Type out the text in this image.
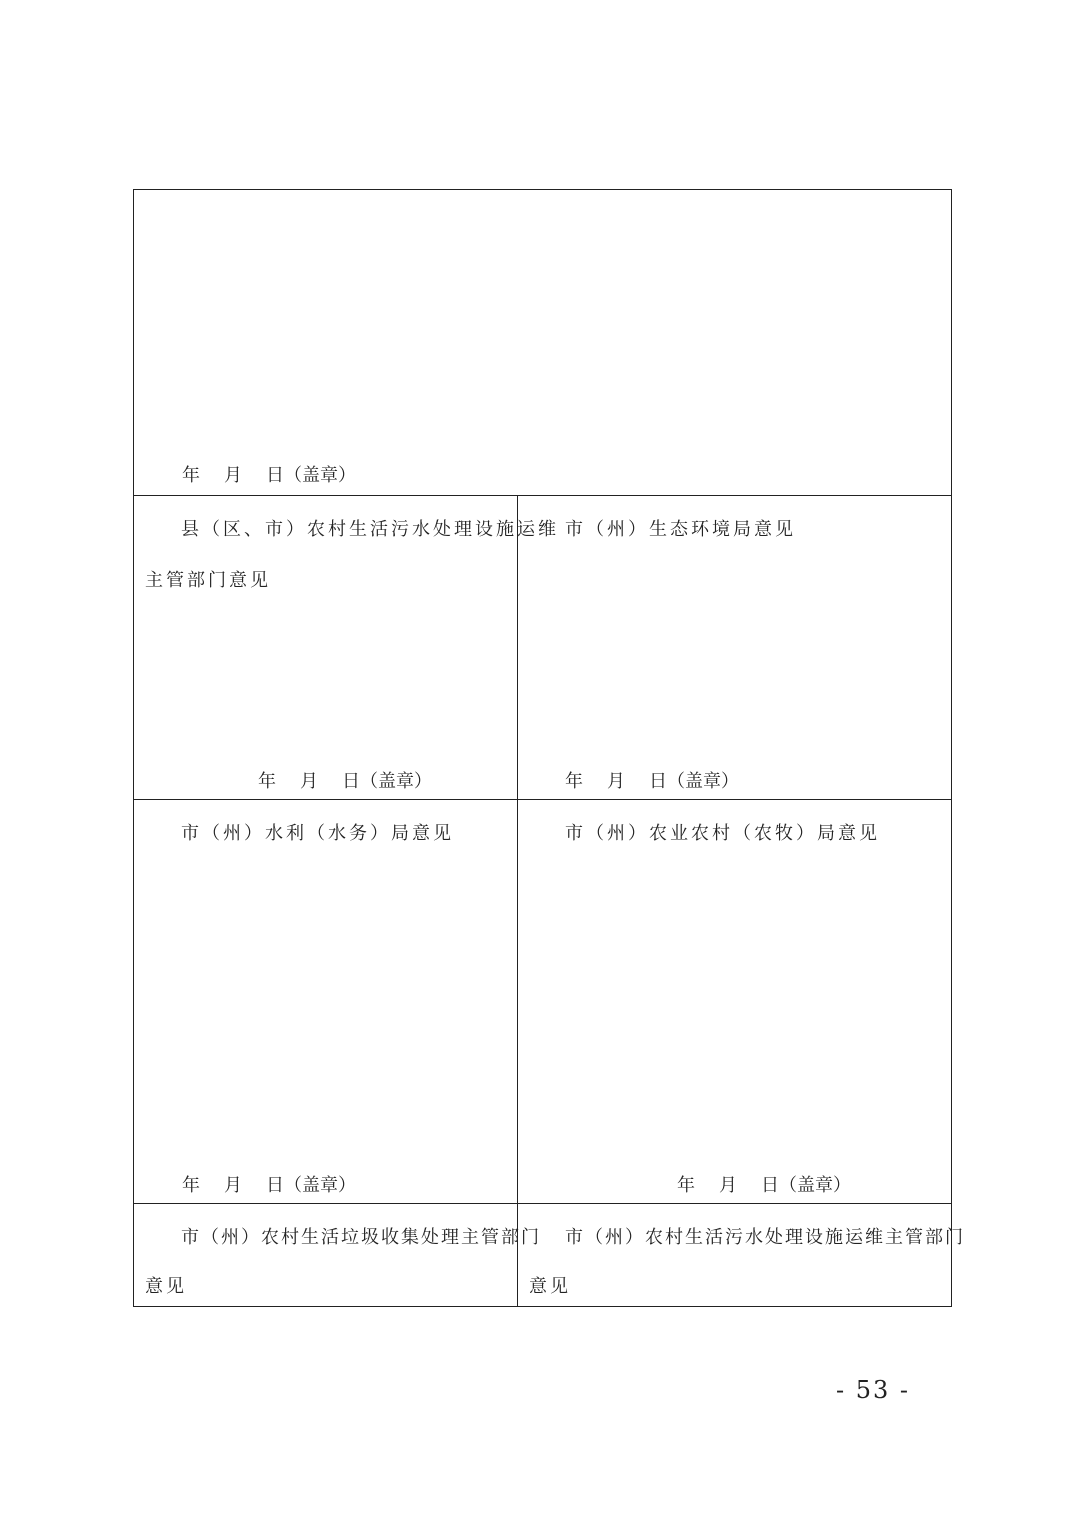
年 月 日（盖章）
县（区、市）农村生活污水处理设施运维
主管部门意见
年 月 日（盖章）
市（州）生态环境局意见
年 月 日（盖章）
市（州）水利（水务）局意见
年 月 日（盖章）
市（州）农业农村（农牧）局意见
年 月 日（盖章）
市（州）农村生活垃圾收集处理主管部门
意见
市（州）农村生活污水处理设施运维主管部门
意见
- 53 -
